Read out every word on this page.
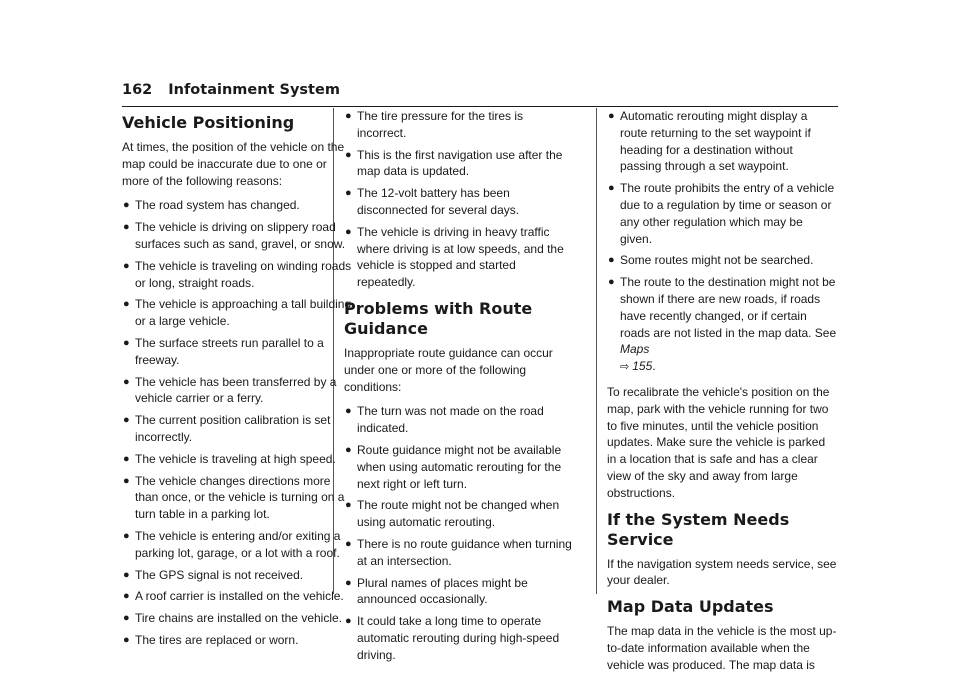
162 Infotainment System
Vehicle Positioning

At times, the position of the vehicle on the map could be inaccurate due to one or more of the following reasons:

● The road system has changed.
● The vehicle is driving on slippery road surfaces such as sand, gravel, or snow.
● The vehicle is traveling on winding roads or long, straight roads.
● The vehicle is approaching a tall building or a large vehicle.
● The surface streets run parallel to a freeway.
● The vehicle has been transferred by a vehicle carrier or a ferry.
● The current position calibration is set incorrectly.
● The vehicle is traveling at high speed.
● The vehicle changes directions more than once, or the vehicle is turning on a turn table in a parking lot.
● The vehicle is entering and/or exiting a parking lot, garage, or a lot with a roof.
● The GPS signal is not received.
● A roof carrier is installed on the vehicle.
● Tire chains are installed on the vehicle.
● The tires are replaced or worn.
● The tire pressure for the tires is incorrect.
● This is the first navigation use after the map data is updated.
● The 12-volt battery has been disconnected for several days.
● The vehicle is driving in heavy traffic where driving is at low speeds, and the vehicle is stopped and started repeatedly.
Problems with Route Guidance

Inappropriate route guidance can occur under one or more of the following conditions:

● The turn was not made on the road indicated.
● Route guidance might not be available when using automatic rerouting for the next right or left turn.
● The route might not be changed when using automatic rerouting.
● There is no route guidance when turning at an intersection.
● Plural names of places might be announced occasionally.
● It could take a long time to operate automatic rerouting during high-speed driving.
● Automatic rerouting might display a route returning to the set waypoint if heading for a destination without passing through a set waypoint.
● The route prohibits the entry of a vehicle due to a regulation by time or season or any other regulation which may be given.
● Some routes might not be searched.
● The route to the destination might not be shown if there are new roads, if roads have recently changed, or if certain roads are not listed in the map data. See Maps
⇨ 155.

To recalibrate the vehicle's position on the map, park with the vehicle running for two to five minutes, until the vehicle position updates. Make sure the vehicle is parked in a location that is safe and has a clear view of the sky and away from large obstructions.

If the System Needs Service

If the navigation system needs service, see your dealer.

Map Data Updates

The map data in the vehicle is the most up-to-date information available when the vehicle was produced. The map data is
